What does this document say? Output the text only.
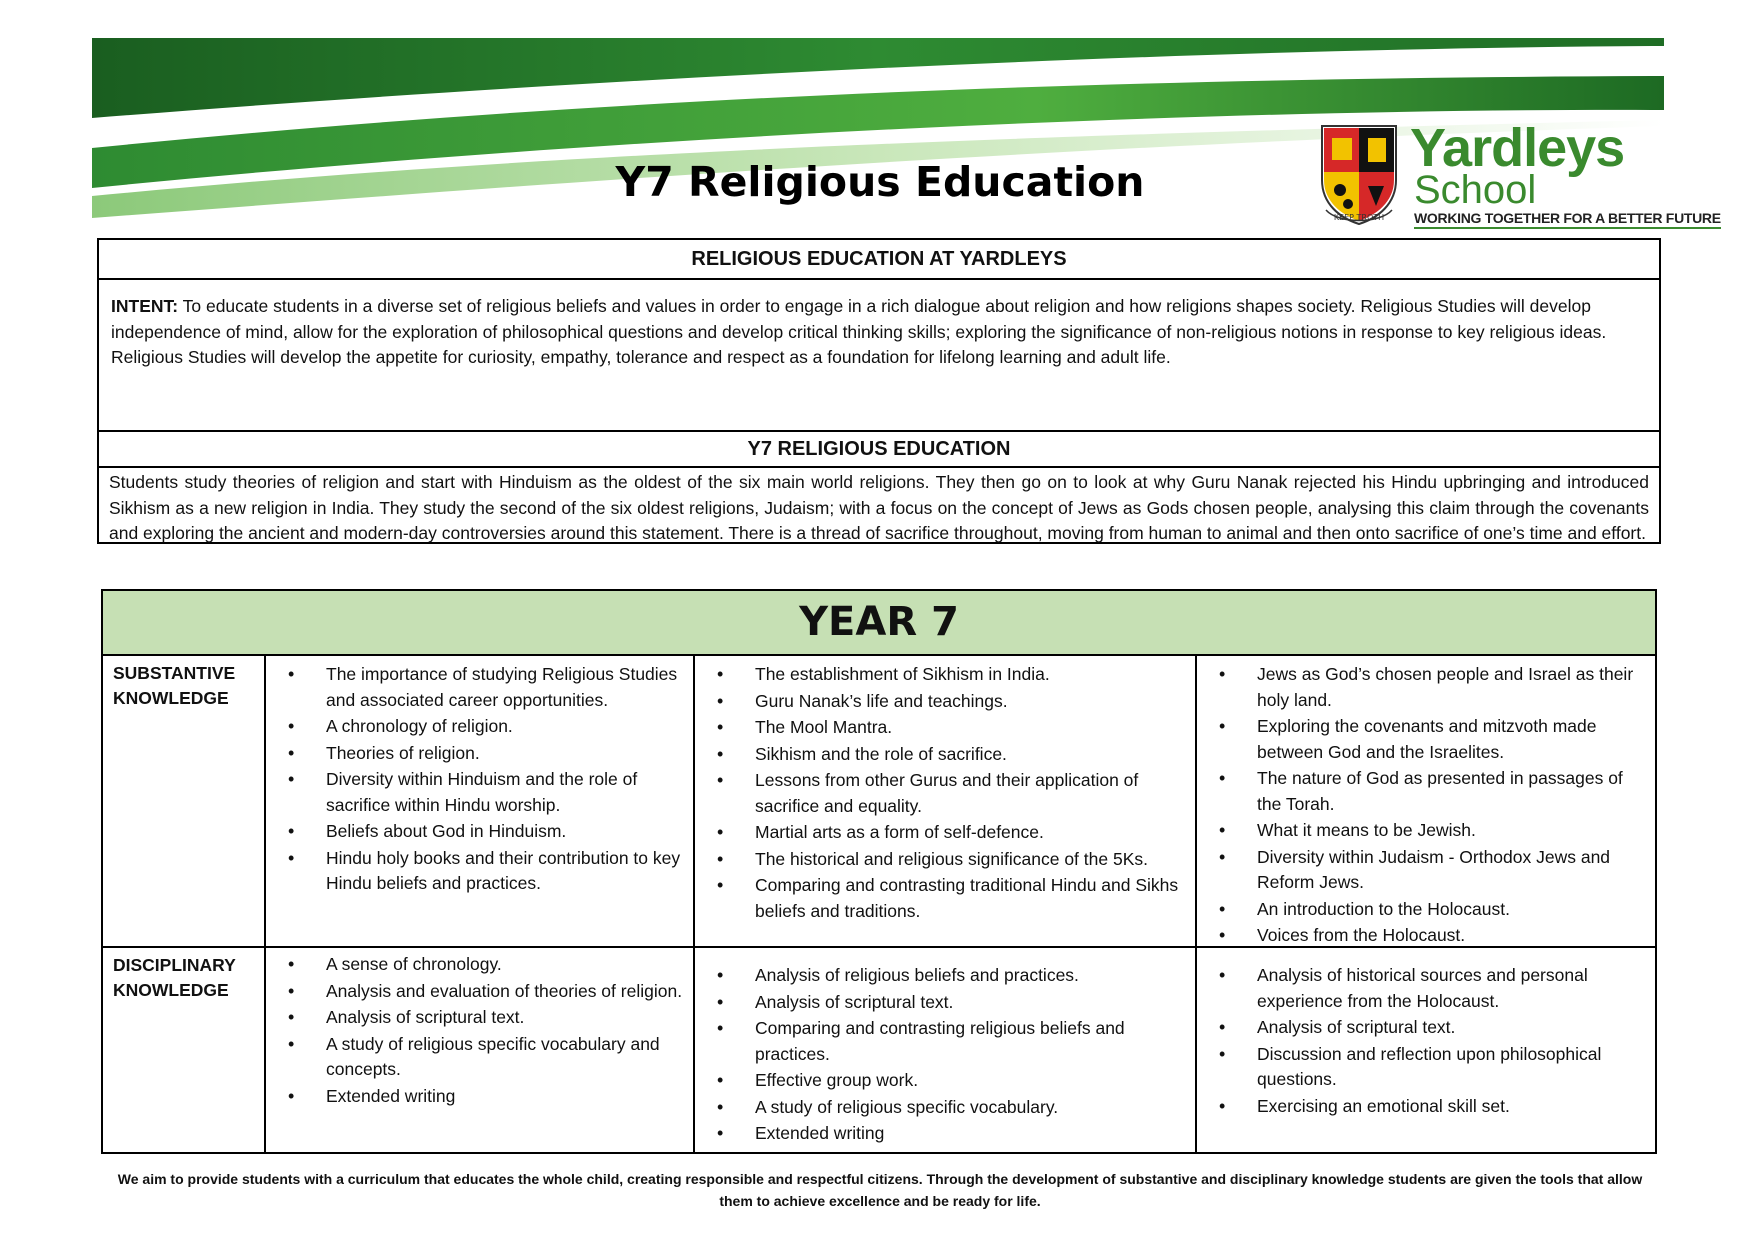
Y7 Religious Education
KEEP TROTH
Yardleys
School
WORKING TOGETHER FOR A BETTER FUTURE
RELIGIOUS EDUCATION AT YARDLEYS
INTENT: To educate students in a diverse set of religious beliefs and values in order to engage in a rich dialogue about religion and how religions shapes society. Religious Studies will develop independence of mind, allow for the exploration of philosophical questions and develop critical thinking skills; exploring the significance of non-religious notions in response to key religious ideas. Religious Studies will develop the appetite for curiosity, empathy, tolerance and respect as a foundation for lifelong learning and adult life.
Y7 RELIGIOUS EDUCATION
Students study theories of religion and start with Hinduism as the oldest of the six main world religions. They then go on to look at why Guru Nanak rejected his Hindu upbringing and introduced Sikhism as a new religion in India. They study the second of the six oldest religions, Judaism; with a focus on the concept of Jews as Gods chosen people, analysing this claim through the covenants and exploring the ancient and modern-day controversies around this statement. There is a thread of sacrifice throughout, moving from human to animal and then onto sacrifice of one’s time and effort.
YEAR 7
SUBSTANTIVE KNOWLEDGE
• The importance of studying Religious Studies and associated career opportunities.
• A chronology of religion.
• Theories of religion.
• Diversity within Hinduism and the role of sacrifice within Hindu worship.
• Beliefs about God in Hinduism.
• Hindu holy books and their contribution to key Hindu beliefs and practices.
• The establishment of Sikhism in India.
• Guru Nanak’s life and teachings.
• The Mool Mantra.
• Sikhism and the role of sacrifice.
• Lessons from other Gurus and their application of sacrifice and equality.
• Martial arts as a form of self-defence.
• The historical and religious significance of the 5Ks.
• Comparing and contrasting traditional Hindu and Sikhs beliefs and traditions.
• Jews as God’s chosen people and Israel as their holy land.
• Exploring the covenants and mitzvoth made between God and the Israelites.
• The nature of God as presented in passages of the Torah.
• What it means to be Jewish.
• Diversity within Judaism - Orthodox Jews and Reform Jews.
• An introduction to the Holocaust.
• Voices from the Holocaust.
DISCIPLINARY KNOWLEDGE
• A sense of chronology.
• Analysis and evaluation of theories of religion.
• Analysis of scriptural text.
• A study of religious specific vocabulary and concepts.
• Extended writing
• Analysis of religious beliefs and practices.
• Analysis of scriptural text.
• Comparing and contrasting religious beliefs and practices.
• Effective group work.
• A study of religious specific vocabulary.
• Extended writing
• Analysis of historical sources and personal experience from the Holocaust.
• Analysis of scriptural text.
• Discussion and reflection upon philosophical questions.
• Exercising an emotional skill set.
We aim to provide students with a curriculum that educates the whole child, creating responsible and respectful citizens. Through the development of substantive and disciplinary knowledge students are given the tools that allow them to achieve excellence and be ready for life.
